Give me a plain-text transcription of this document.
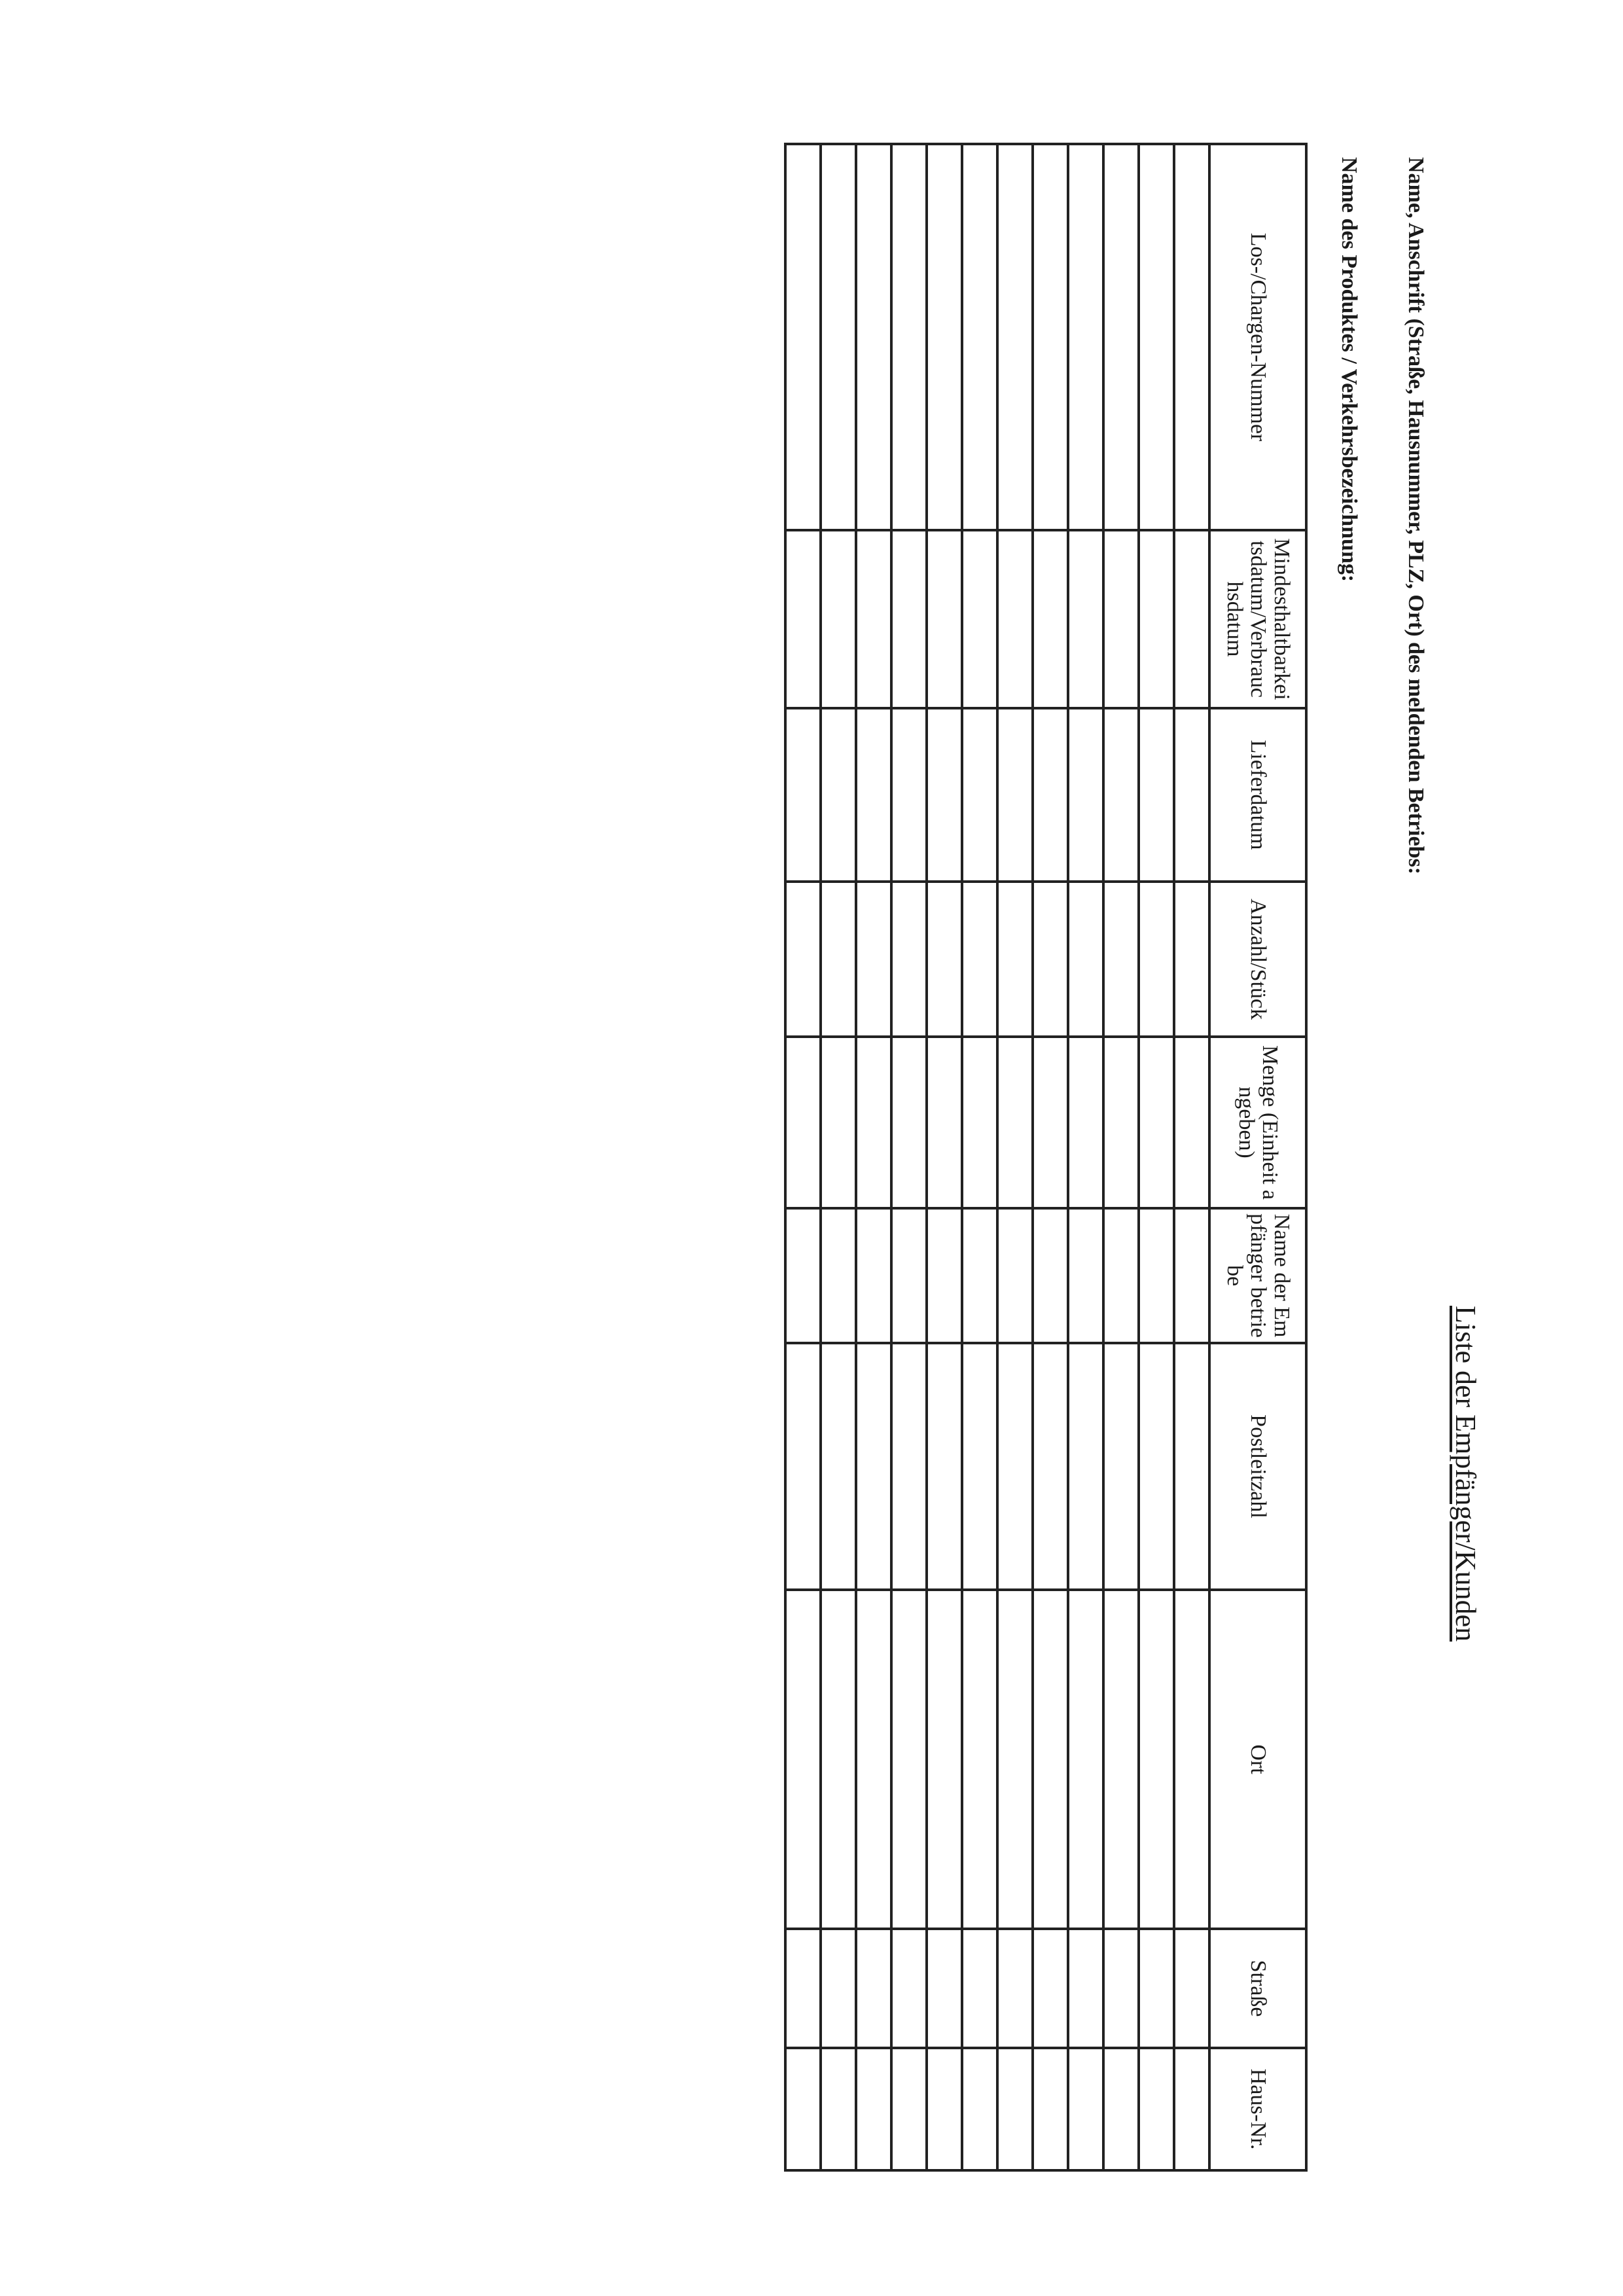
Liste der Empfänger/Kunden
Name, Anschrift (Straße, Hausnummer, PLZ, Ort) des meldenden Betriebs:
Name des Produktes / Verkehrsbezeichnung:
Los-/Chargen-Nummer	Mindesthaltbarkeitsdatum/Verbrauchsdatum	Lieferdatum	Anzahl/Stück	Menge (Einheit angeben)	Name der Empfänger betriebe	Postleitzahl	Ort	Straße	Haus-Nr.
